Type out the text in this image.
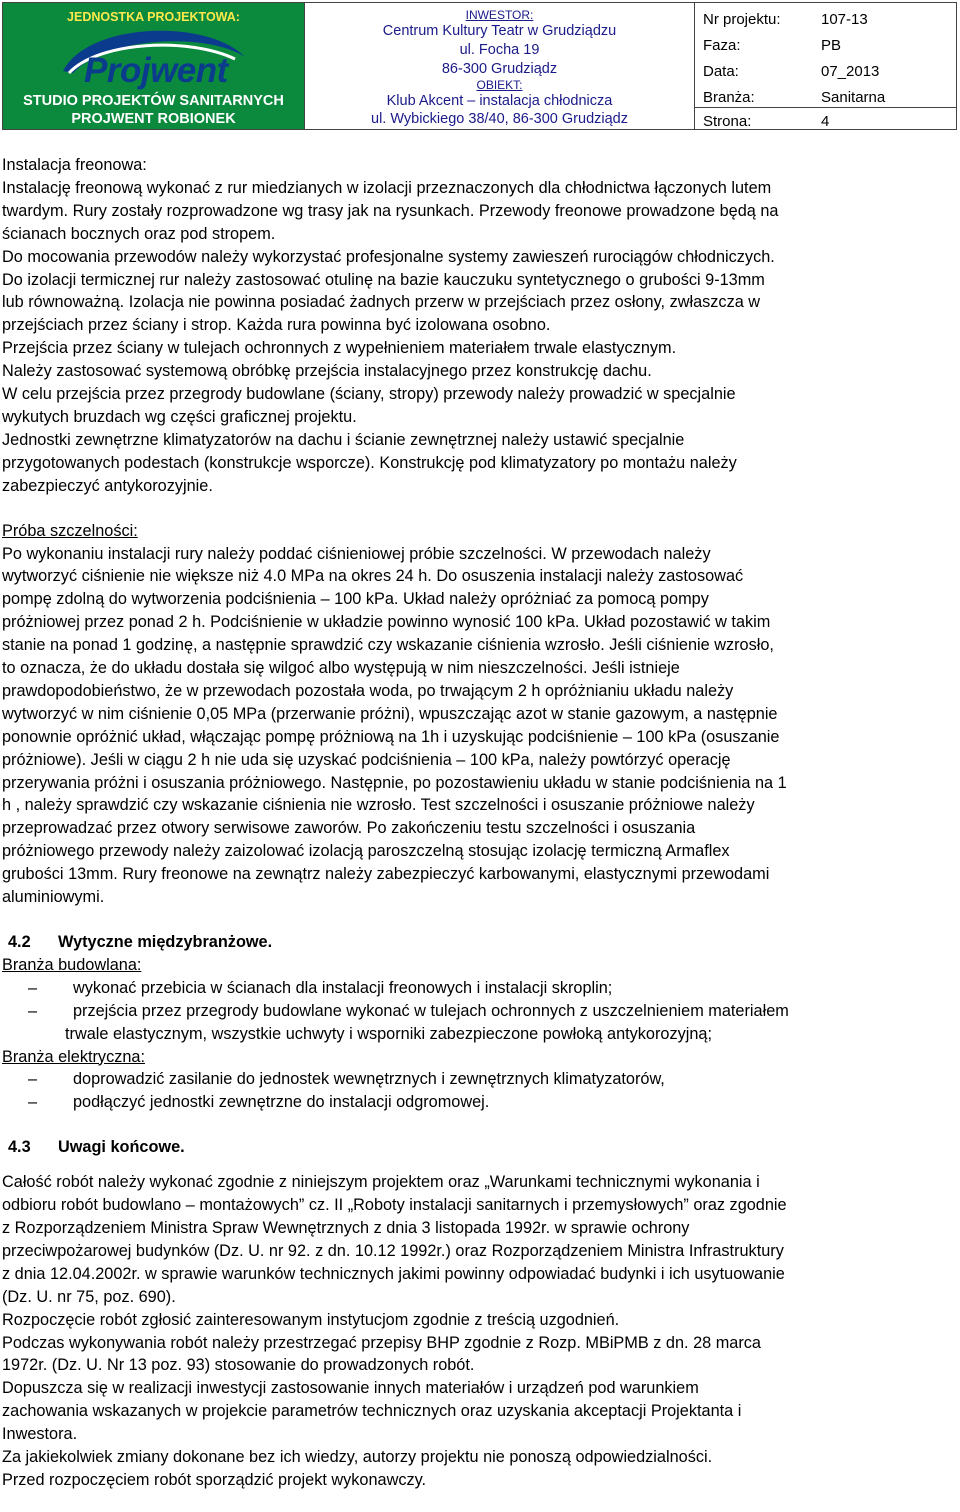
JEDNOSTKA PROJEKTOWA:
Projwent
STUDIO PROJEKTÓW SANITARNYCH
PROJWENT ROBIONEK
INWESTOR:
Centrum Kultury Teatr w Grudziądzu
ul. Focha 19
86-300 Grudziądz
OBIEKT:
Klub Akcent – instalacja chłodnicza
ul. Wybickiego 38/40, 86-300 Grudziądz
Nr projektu:	107-13
Faza:	PB
Data:	07_2013
Branża:	Sanitarna
Strona:	4

Instalacja freonowa:

Instalację freonową wykonać z rur miedzianych w izolacji przeznaczonych dla chłodnictwa łączonych lutem

twardym. Rury zostały rozprowadzone wg trasy jak na rysunkach. Przewody freonowe prowadzone będą na

ścianach bocznych oraz pod stropem.

Do mocowania przewodów należy wykorzystać profesjonalne systemy zawieszeń rurociągów chłodniczych.

Do izolacji termicznej rur należy zastosować otulinę na bazie kauczuku syntetycznego o grubości 9-13mm

lub równoważną. Izolacja nie powinna posiadać żadnych przerw w przejściach przez osłony, zwłaszcza w

przejściach przez ściany i strop. Każda rura powinna być izolowana osobno.

Przejścia przez ściany w tulejach ochronnych z wypełnieniem materiałem trwale elastycznym.

Należy zastosować systemową obróbkę przejścia instalacyjnego przez konstrukcję dachu.

W celu przejścia przez przegrody budowlane (ściany, stropy) przewody należy prowadzić w specjalnie

wykutych bruzdach wg części graficznej projektu.

Jednostki zewnętrzne klimatyzatorów na dachu i ścianie zewnętrznej należy ustawić specjalnie

przygotowanych podestach (konstrukcje wsporcze). Konstrukcję pod klimatyzatory po montażu należy

zabezpieczyć antykorozyjnie.

Próba szczelności:

Po wykonaniu instalacji rury należy poddać ciśnieniowej próbie szczelności. W przewodach należy

wytworzyć ciśnienie nie większe niż 4.0 MPa na okres 24 h. Do osuszenia instalacji należy zastosować

pompę zdolną do wytworzenia podciśnienia – 100 kPa. Układ należy opróżniać za pomocą pompy

próżniowej przez ponad 2 h. Podciśnienie w układzie powinno wynosić 100 kPa. Układ pozostawić w takim

stanie na ponad 1 godzinę, a następnie sprawdzić czy wskazanie ciśnienia wzrosło. Jeśli ciśnienie wzrosło,

to oznacza, że do układu dostała się wilgoć albo występują w nim nieszczelności. Jeśli istnieje

prawdopodobieństwo, że w przewodach pozostała woda, po trwającym 2 h opróżnianiu układu należy

wytworzyć w nim ciśnienie 0,05 MPa (przerwanie próżni), wpuszczając azot w stanie gazowym, a następnie

ponownie opróżnić układ, włączając pompę próżniową na 1h i uzyskując podciśnienie – 100 kPa (osuszanie

próżniowe). Jeśli w ciągu 2 h nie uda się uzyskać podciśnienia – 100 kPa, należy powtórzyć operację

przerywania próżni i osuszania próżniowego. Następnie, po pozostawieniu układu w stanie podciśnienia na 1

h , należy sprawdzić czy wskazanie ciśnienia nie wzrosło. Test szczelności i osuszanie próżniowe należy

przeprowadzać przez otwory serwisowe zaworów. Po zakończeniu testu szczelności i osuszania

próżniowego przewody należy zaizolować izolacją paroszczelną stosując izolację termiczną Armaflex

grubości 13mm. Rury freonowe na zewnątrz należy zabezpieczyć karbowanymi, elastycznymi przewodami

aluminiowymi.

4.2 Wytyczne międzybranżowe.

Branża budowlana:

– wykonać przebicia w ścianach dla instalacji freonowych i instalacji skroplin;
– przejścia przez przegrody budowlane wykonać w tulejach ochronnych z uszczelnieniem materiałem
trwale elastycznym, wszystkie uchwyty i wsporniki zabezpieczone powłoką antykorozyjną;

Branża elektryczna:

– doprowadzić zasilanie do jednostek wewnętrznych i zewnętrznych klimatyzatorów,
– podłączyć jednostki zewnętrzne do instalacji odgromowej.

4.3 Uwagi końcowe.

Całość robót należy wykonać zgodnie z niniejszym projektem oraz „Warunkami technicznymi wykonania i

odbioru robót budowlano – montażowych” cz. II „Roboty instalacji sanitarnych i przemysłowych” oraz zgodnie

z Rozporządzeniem Ministra Spraw Wewnętrznych z dnia 3 listopada 1992r. w sprawie ochrony

przeciwpożarowej budynków (Dz. U. nr 92. z dn. 10.12 1992r.) oraz Rozporządzeniem Ministra Infrastruktury

z dnia 12.04.2002r. w sprawie warunków technicznych jakimi powinny odpowiadać budynki i ich usytuowanie

(Dz. U. nr 75, poz. 690).

Rozpoczęcie robót zgłosić zainteresowanym instytucjom zgodnie z treścią uzgodnień.

Podczas wykonywania robót należy przestrzegać przepisy BHP zgodnie z Rozp. MBiPMB z dn. 28 marca

1972r. (Dz. U. Nr 13 poz. 93) stosowanie do prowadzonych robót.

Dopuszcza się w realizacji inwestycji zastosowanie innych materiałów i urządzeń pod warunkiem

zachowania wskazanych w projekcie parametrów technicznych oraz uzyskania akceptacji Projektanta i

Inwestora.

Za jakiekolwiek zmiany dokonane bez ich wiedzy, autorzy projektu nie ponoszą odpowiedzialności.

Przed rozpoczęciem robót sporządzić projekt wykonawczy.
